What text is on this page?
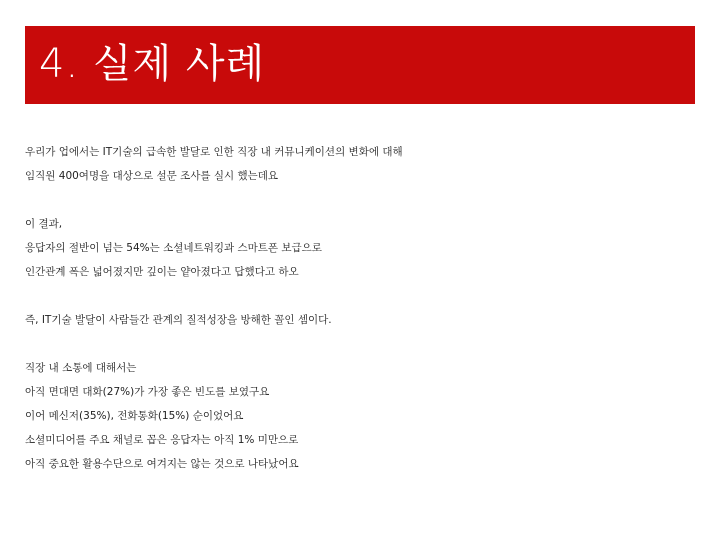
4. 실제 사례
우리가 업에서는 IT기술의 급속한 발달로 인한 직장 내 커뮤니케이션의 변화에 대해
임직원 400여명을 대상으로 설문 조사를 실시 했는데요
이 결과,
응답자의 절반이 넘는 54%는 소셜네트워킹과 스마트폰 보급으로
인간관계 폭은 넓어졌지만 깊이는 얕아졌다고 답했다고 하오
즉, IT기술 발달이 사람들간 관계의 질적성장을 방해한 꼴인 셈이다.
직장 내 소통에 대해서는
아직 면대면 대화(27%)가 가장 좋은 빈도를 보였구요
이어 메신저(35%), 전화통화(15%) 순이었어요
소셜미디어를 주요 채널로 꼽은 응답자는 아직 1% 미만으로
아직 중요한 활용수단으로 여겨지는 않는 것으로 나타났어요
